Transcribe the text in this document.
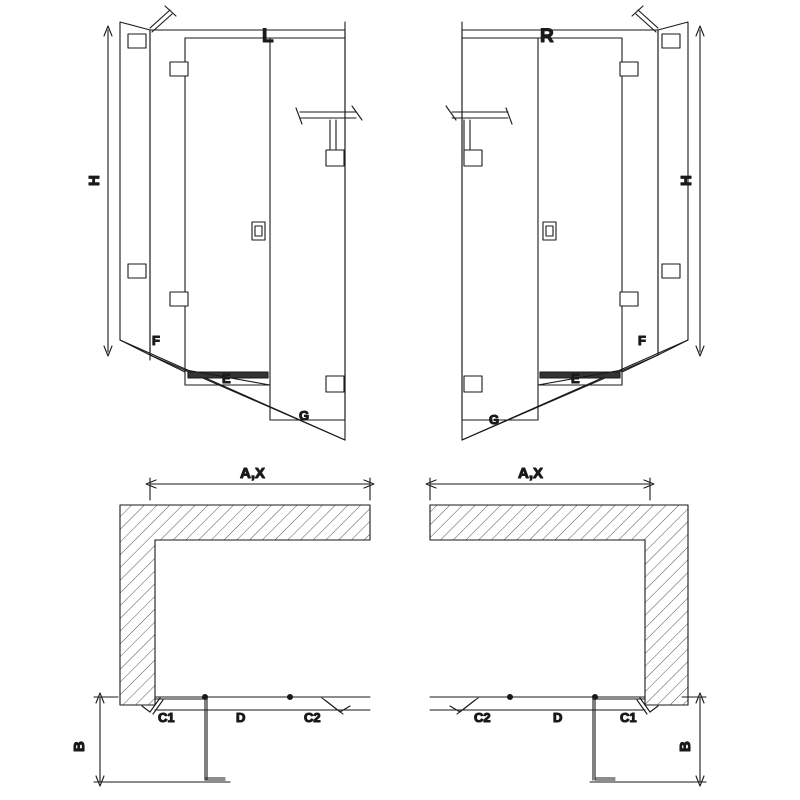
L
H
F
E
G
R
H
G
E
F
A,X
B
C1	D	C2
A,X
B
C2	D	C1
